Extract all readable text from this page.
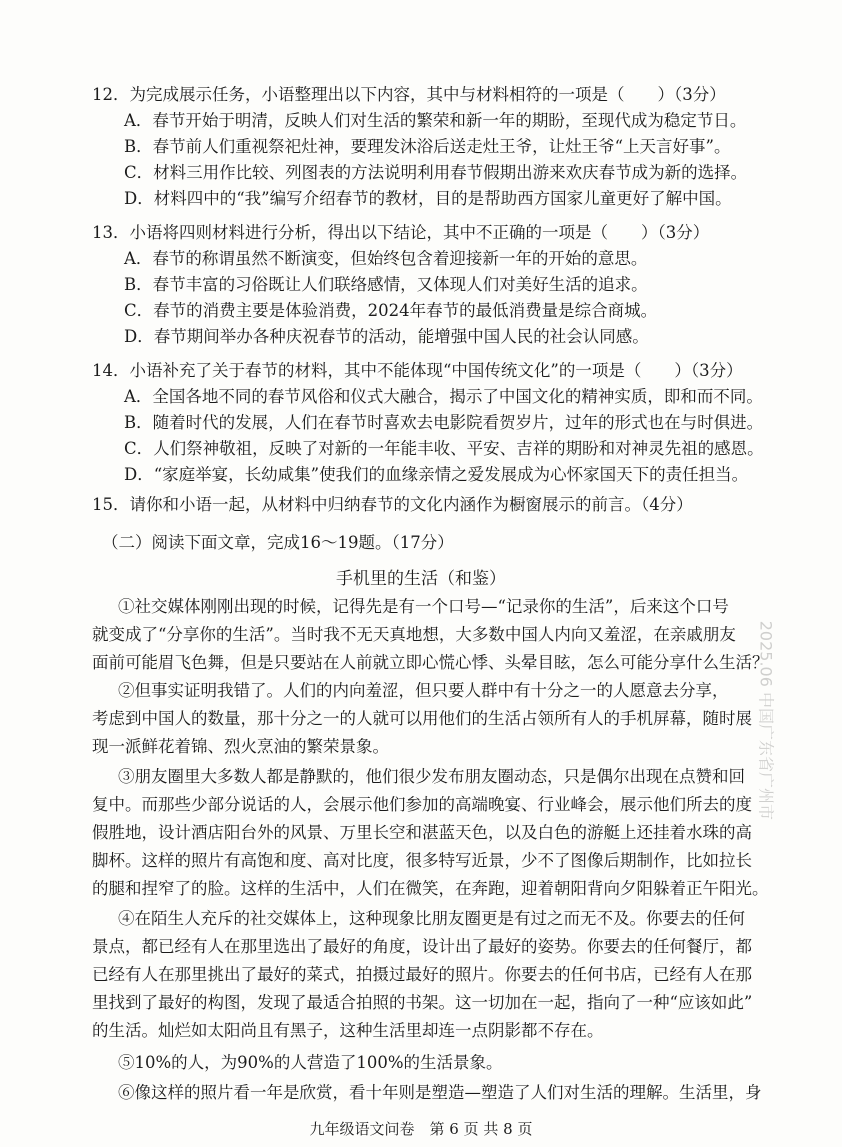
12．为完成展示任务，小语整理出以下内容，其中与材料相符的一项是（　　）（3分）
A．春节开始于明清，反映人们对生活的繁荣和新一年的期盼，至现代成为稳定节日。
B．春节前人们重视祭祀灶神，要理发沐浴后送走灶王爷，让灶王爷“上天言好事”。
C．材料三用作比较、列图表的方法说明利用春节假期出游来欢庆春节成为新的选择。
D．材料四中的“我”编写介绍春节的教材，目的是帮助西方国家儿童更好了解中国。
13．小语将四则材料进行分析，得出以下结论，其中不正确的一项是（　　）（3分）
A．春节的称谓虽然不断演变，但始终包含着迎接新一年的开始的意思。
B．春节丰富的习俗既让人们联络感情，又体现人们对美好生活的追求。
C．春节的消费主要是体验消费，2024年春节的最低消费量是综合商城。
D．春节期间举办各种庆祝春节的活动，能增强中国人民的社会认同感。
14．小语补充了关于春节的材料，其中不能体现“中国传统文化”的一项是（　　）（3分）
A．全国各地不同的春节风俗和仪式大融合，揭示了中国文化的精神实质，即和而不同。
B．随着时代的发展，人们在春节时喜欢去电影院看贺岁片，过年的形式也在与时俱进。
C．人们祭神敬祖，反映了对新的一年能丰收、平安、吉祥的期盼和对神灵先祖的感恩。
D．“家庭举宴，长幼咸集”使我们的血缘亲情之爱发展成为心怀家国天下的责任担当。
15．请你和小语一起，从材料中归纳春节的文化内涵作为橱窗展示的前言。（4分）
（二）阅读下面文章，完成16～19题。（17分）
手机里的生活（和鉴）
①社交媒体刚刚出现的时候，记得先是有一个口号—“记录你的生活”，后来这个口号
就变成了“分享你的生活”。当时我不无天真地想，大多数中国人内向又羞涩，在亲戚朋友
面前可能眉飞色舞，但是只要站在人前就立即心慌心悸、头晕目眩，怎么可能分享什么生活？
②但事实证明我错了。人们的内向羞涩，但只要人群中有十分之一的人愿意去分享，
考虑到中国人的数量，那十分之一的人就可以用他们的生活占领所有人的手机屏幕，随时展
现一派鲜花着锦、烈火烹油的繁荣景象。
③朋友圈里大多数人都是静默的，他们很少发布朋友圈动态，只是偶尔出现在点赞和回
复中。而那些少部分说话的人，会展示他们参加的高端晚宴、行业峰会，展示他们所去的度
假胜地，设计酒店阳台外的风景、万里长空和湛蓝天色，以及白色的游艇上还挂着水珠的高
脚杯。这样的照片有高饱和度、高对比度，很多特写近景，少不了图像后期制作，比如拉长
的腿和捏窄了的脸。这样的生活中，人们在微笑，在奔跑，迎着朝阳背向夕阳躲着正午阳光。
④在陌生人充斥的社交媒体上，这种现象比朋友圈更是有过之而无不及。你要去的任何
景点，都已经有人在那里选出了最好的角度，设计出了最好的姿势。你要去的任何餐厅，都
已经有人在那里挑出了最好的菜式，拍摄过最好的照片。你要去的任何书店，已经有人在那
里找到了最好的构图，发现了最适合拍照的书架。这一切加在一起，指向了一种“应该如此”
的生活。灿烂如太阳尚且有黑子，这种生活里却连一点阴影都不存在。
⑤10%的人，为90%的人营造了100%的生活景象。
⑥像这样的照片看一年是欣赏，看十年则是塑造—塑造了人们对生活的理解。生活里，身
九年级语文问卷　第 6 页 共 8 页
2025.06 中国广东省广州市
